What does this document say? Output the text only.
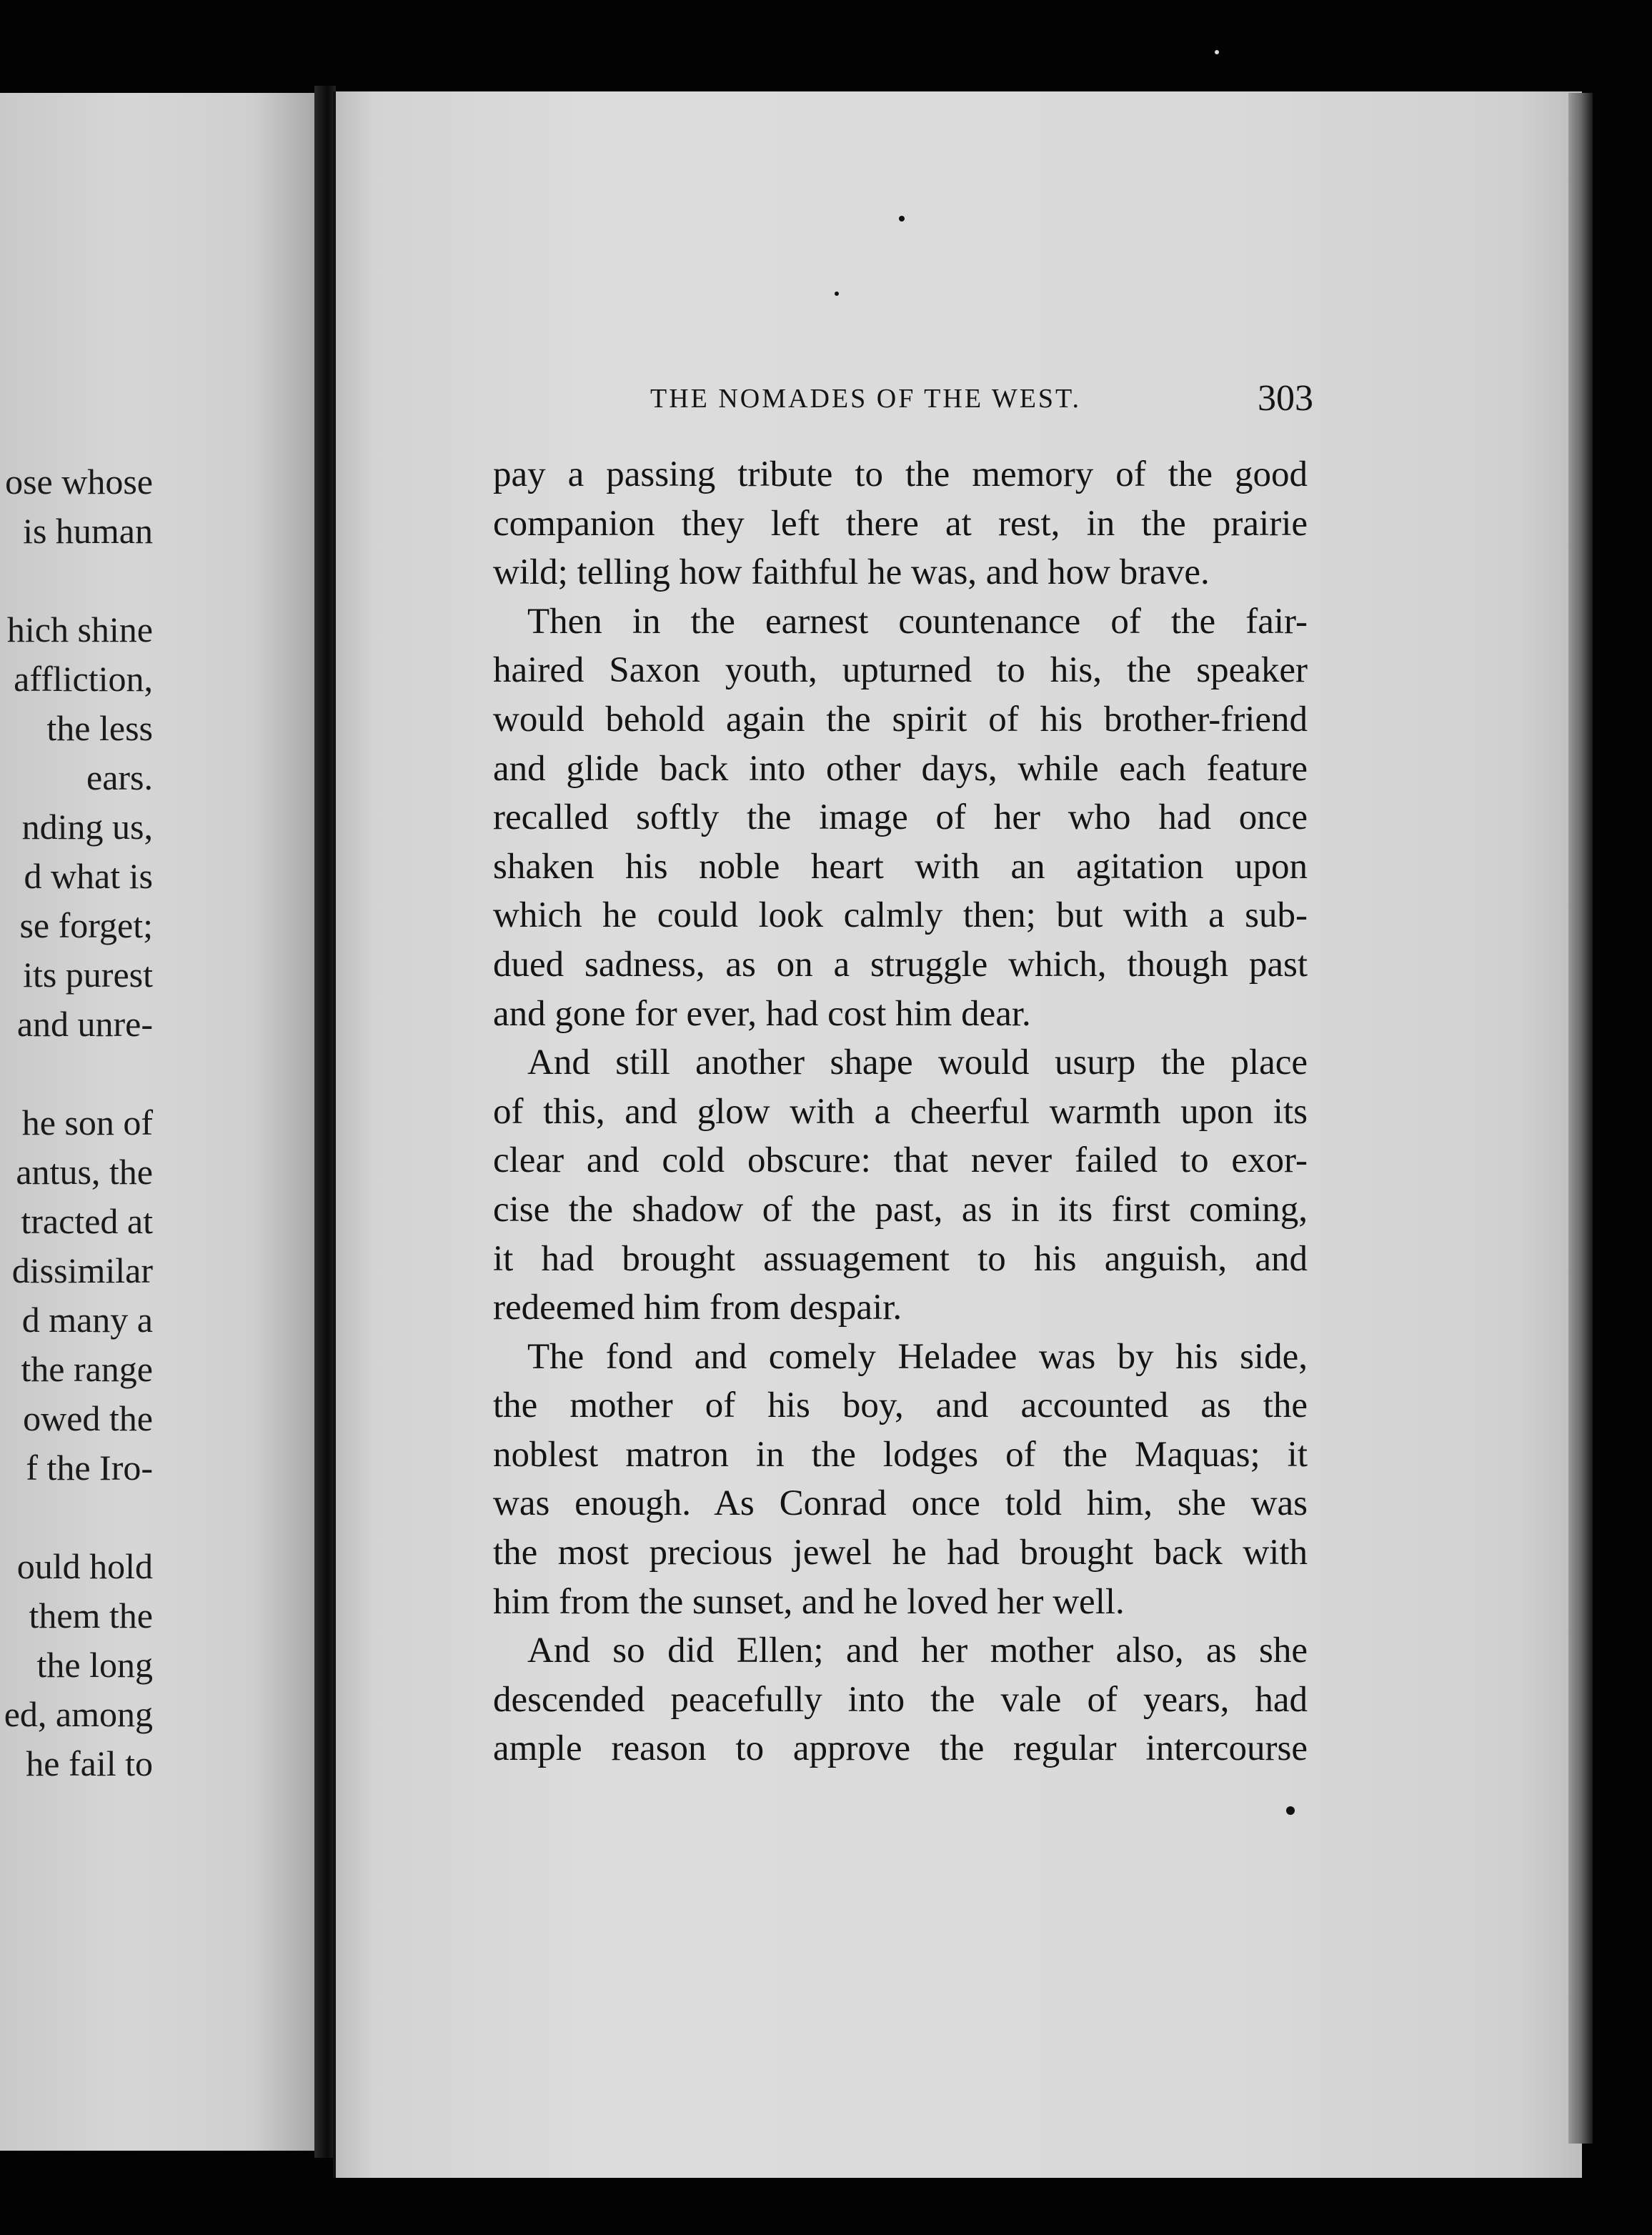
ose whose
is human
hich shine
affliction,
the less
ears.
nding us,
d what is
se forget;
its purest
and unre-
he son of
antus, the
tracted at
dissimilar
d many a
the range
owed the
f the Iro-
ould hold
them the
the long
ed, among
he fail to
THE NOMADES OF THE WEST.	303
pay a passing tribute to the memory of the good
companion they left there at rest, in the prairie
wild; telling how faithful he was, and how brave.
Then in the earnest countenance of the fair-
haired Saxon youth, upturned to his, the speaker
would behold again the spirit of his brother-friend
and glide back into other days, while each feature
recalled softly the image of her who had once
shaken his noble heart with an agitation upon
which he could look calmly then; but with a sub-
dued sadness, as on a struggle which, though past
and gone for ever, had cost him dear.
And still another shape would usurp the place
of this, and glow with a cheerful warmth upon its
clear and cold obscure: that never failed to exor-
cise the shadow of the past, as in its first coming,
it had brought assuagement to his anguish, and
redeemed him from despair.
The fond and comely Heladee was by his side,
the mother of his boy, and accounted as the
noblest matron in the lodges of the Maquas; it
was enough. As Conrad once told him, she was
the most precious jewel he had brought back with
him from the sunset, and he loved her well.
And so did Ellen; and her mother also, as she
descended peacefully into the vale of years, had
ample reason to approve the regular intercourse
